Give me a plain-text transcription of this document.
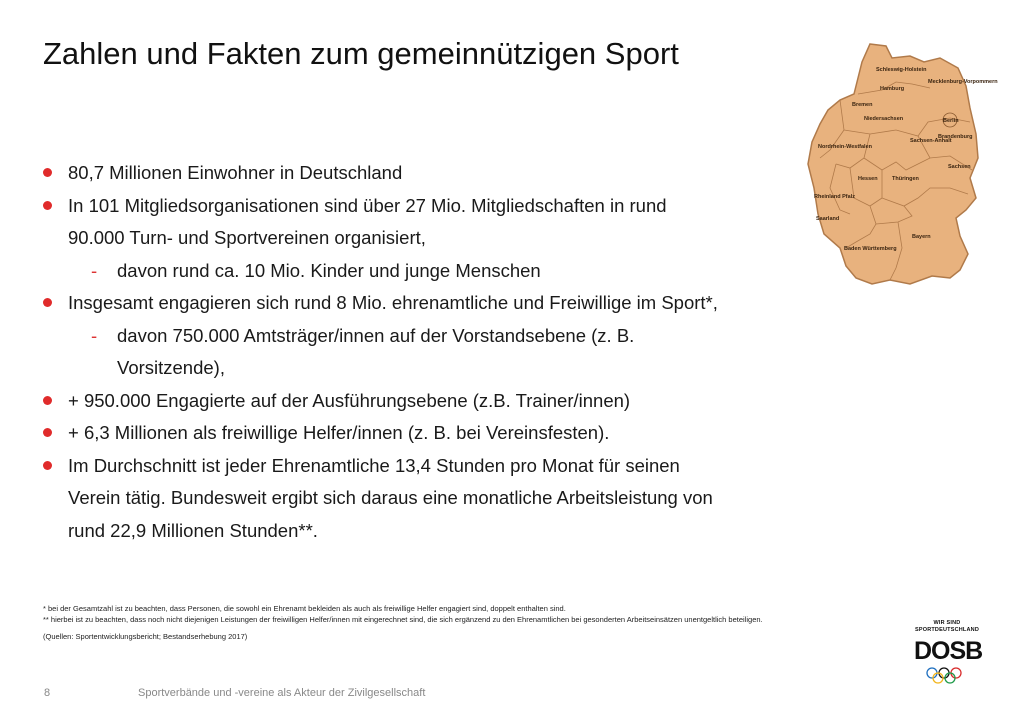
Zahlen und Fakten zum gemeinnützigen Sport	Schleswig-Holstein
Mecklenburg-Vorpommern
Hamburg
Bremen
Niedersachsen	Berlin
Brandenburg
Sachsen-Anhalt
Nordrhein-Westfalen
Sachsen
Hessen	Thüringen
Rheinland Pfalz
Saarland
Bayern
Baden Württemberg
80,7 Millionen Einwohner in Deutschland
In 101 Mitgliedsorganisationen sind über 27 Mio. Mitgliedschaften in rund
90.000 Turn- und Sportvereinen organisiert,
- davon rund ca. 10 Mio. Kinder und junge Menschen
Insgesamt engagieren sich rund 8 Mio. ehrenamtliche und Freiwillige im Sport*,
- davon 750.000 Amtsträger/innen auf der Vorstandsebene (z. B.
Vorsitzende),
+ 950.000 Engagierte auf der Ausführungsebene (z.B. Trainer/innen)
+ 6,3 Millionen als freiwillige Helfer/innen (z. B. bei Vereinsfesten).
Im Durchschnitt ist jeder Ehrenamtliche 13,4 Stunden pro Monat für seinen
Verein tätig. Bundesweit ergibt sich daraus eine monatliche Arbeitsleistung von
rund 22,9 Millionen Stunden**.

* bei der Gesamtzahl ist zu beachten, dass Personen, die sowohl ein Ehrenamt bekleiden als auch als freiwillige Helfer engagiert sind, doppelt enthalten sind.

** hierbei ist zu beachten, dass noch nicht diejenigen Leistungen der freiwilligen Helfer/innen mit eingerechnet sind, die sich ergänzend zu den Ehrenamtlichen bei gesonderten Arbeitseinsätzen unentgeltlich beteiligen.

(Quellen: Sportentwicklungsbericht; Bestandserhebung 2017)

8	Sportverbände und -vereine als Akteur der Zivilgesellschaft
WIR SIND
SPORTDEUTSCHLAND
DOSB
